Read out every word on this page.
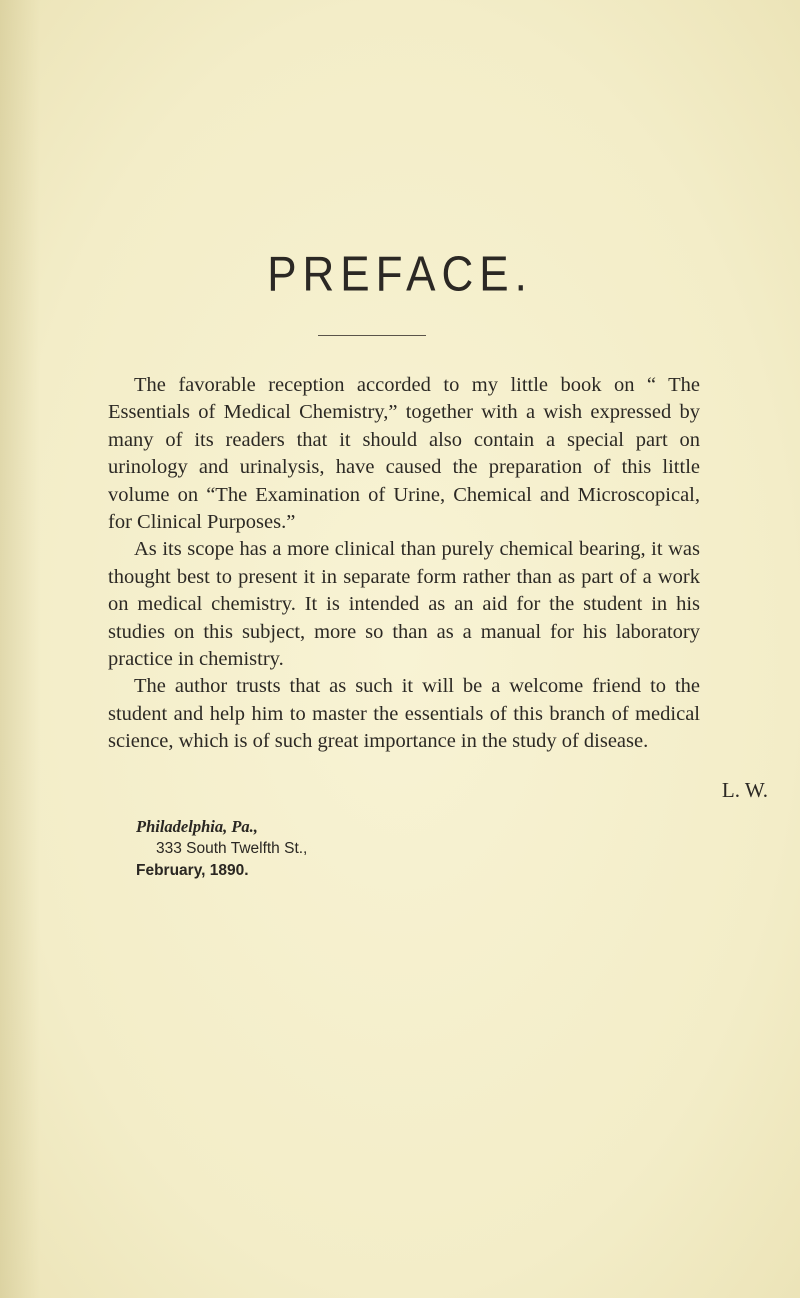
PREFACE.

The favorable reception accorded to my little book on “ The Essentials of Medical Chemistry,” together with a wish expressed by many of its readers that it should also contain a special part on urinology and urinalysis, have caused the preparation of this little volume on “The Examination of Urine, Chemical and Microscopical, for Clinical Purposes.”

As its scope has a more clinical than purely chemical bearing, it was thought best to present it in separate form rather than as part of a work on medical chemistry. It is intended as an aid for the student in his studies on this subject, more so than as a manual for his laboratory practice in chemistry.

The author trusts that as such it will be a welcome friend to the student and help him to master the essentials of this branch of medical science, which is of such great importance in the study of disease.

L. W.
Philadelphia, Pa.,
333 South Twelfth St.,
February, 1890.
